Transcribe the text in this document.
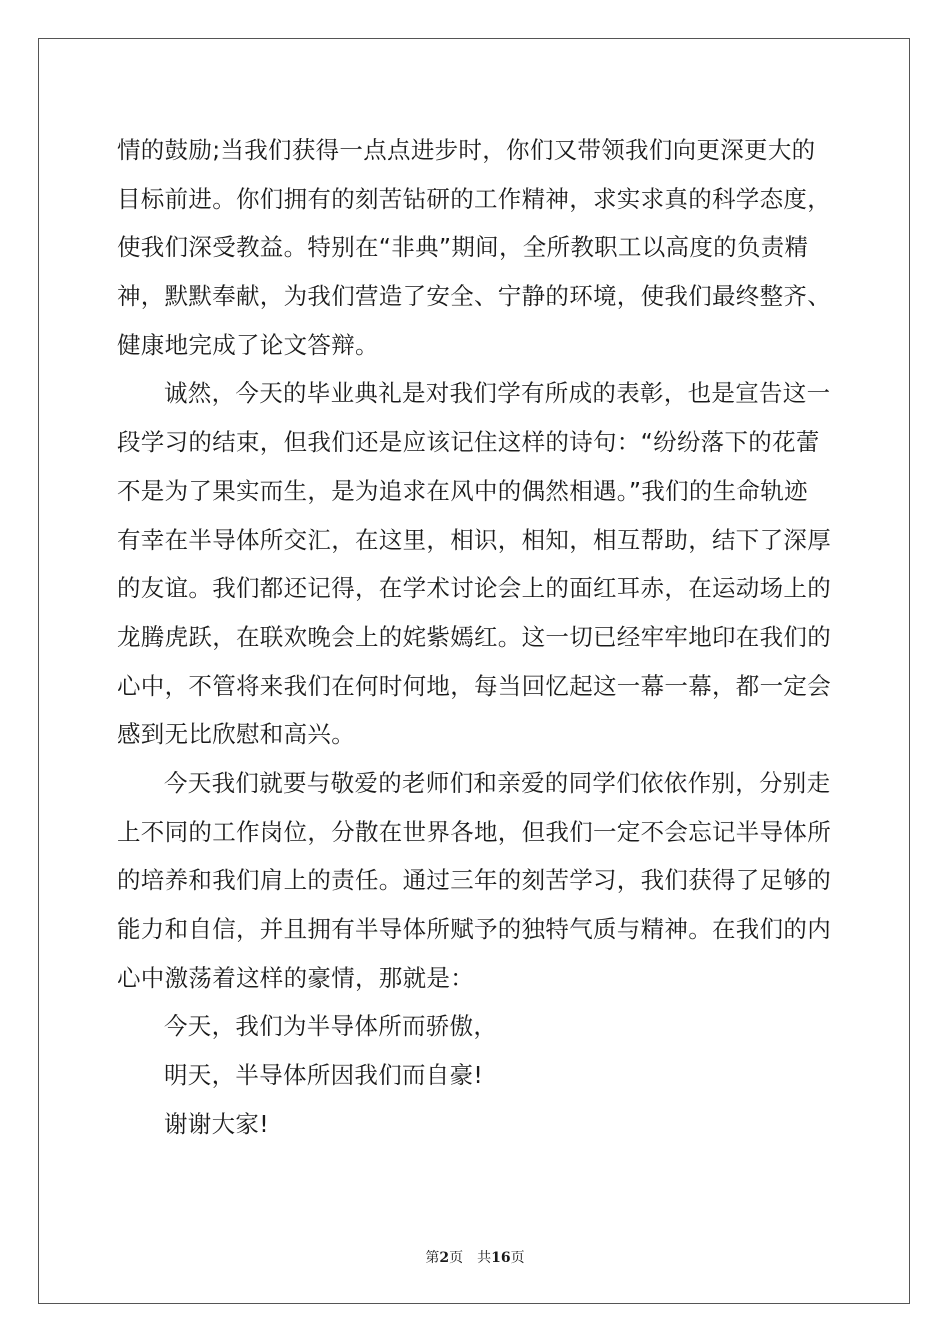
情的鼓励;当我们获得一点点进步时，你们又带领我们向更深更大的

目标前进。你们拥有的刻苦钻研的工作精神，求实求真的科学态度，

使我们深受教益。特别在“非典”期间，全所教职工以高度的负责精

神，默默奉献，为我们营造了安全、宁静的环境，使我们最终整齐、

健康地完成了论文答辩。

诚然，今天的毕业典礼是对我们学有所成的表彰，也是宣告这一

段学习的结束，但我们还是应该记住这样的诗句：“纷纷落下的花蕾

不是为了果实而生，是为追求在风中的偶然相遇。”我们的生命轨迹

有幸在半导体所交汇，在这里，相识，相知，相互帮助，结下了深厚

的友谊。我们都还记得，在学术讨论会上的面红耳赤，在运动场上的

龙腾虎跃，在联欢晚会上的姹紫嫣红。这一切已经牢牢地印在我们的

心中，不管将来我们在何时何地，每当回忆起这一幕一幕，都一定会

感到无比欣慰和高兴。

今天我们就要与敬爱的老师们和亲爱的同学们依依作别，分别走

上不同的工作岗位，分散在世界各地，但我们一定不会忘记半导体所

的培养和我们肩上的责任。通过三年的刻苦学习，我们获得了足够的

能力和自信，并且拥有半导体所赋予的独特气质与精神。在我们的内

心中激荡着这样的豪情，那就是：

今天，我们为半导体所而骄傲，

明天，半导体所因我们而自豪!

谢谢大家!

第2页 共16页
